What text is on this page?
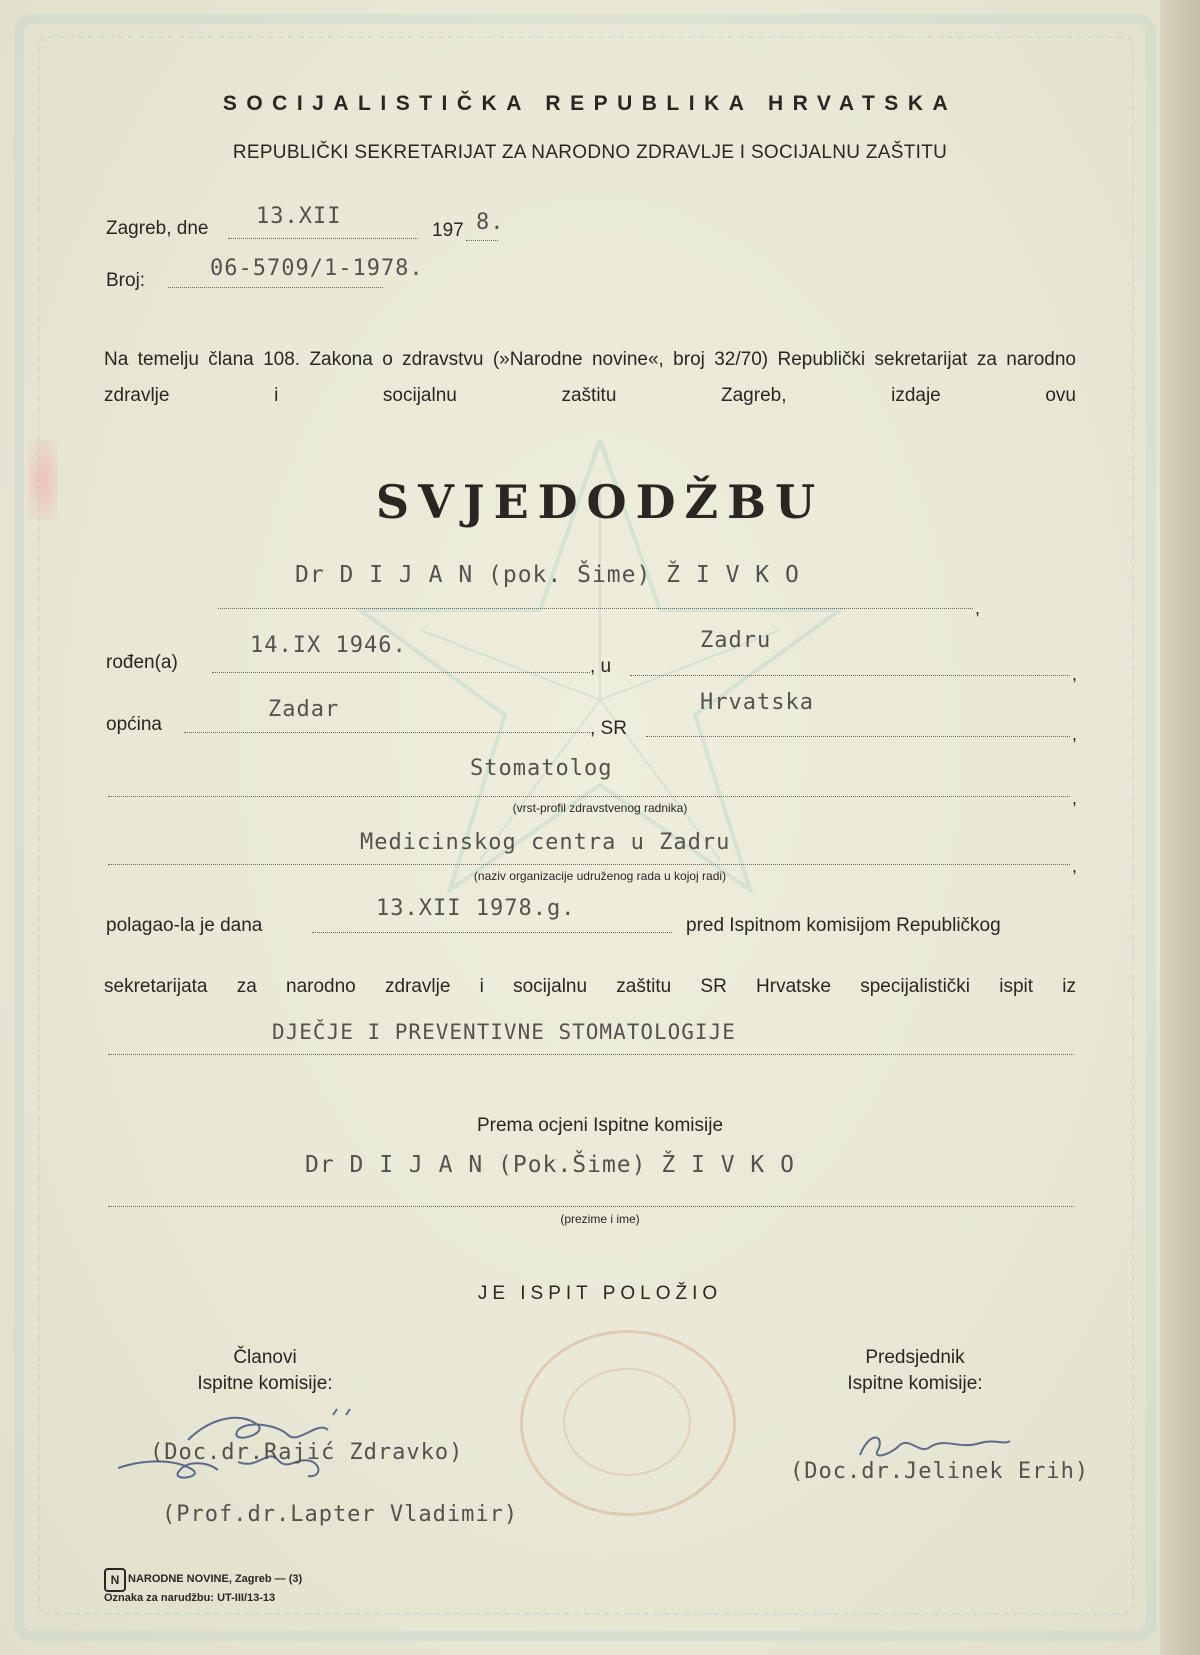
SOCIJALISTIČKA REPUBLIKA HRVATSKA
REPUBLIČKI SEKRETARIJAT ZA NARODNO ZDRAVLJE I SOCIJALNU ZAŠTITU
Zagreb, dne 13.XII
197 8.
Broj:	06-5709/1-1978.
Na temelju člana 108. Zakona o zdravstvu (»Narodne novine«, broj 32/70) Republički sekretarijat za narodno zdravlje i socijalnu zaštitu Zagreb, izdaje ovu
SVJEDODŽBU
Dr D I J A N (pok. Šime) Ž I V K O
,
rođen(a)
14.IX 1946.
, u
Zadru
,
općina
Zadar
, SR
Hrvatska
,
Stomatolog
,
(vrst-profil zdravstvenog radnika)
Medicinskog centra u Zadru
,
(naziv organizacije udruženog rada u kojoj radi)
polagao-la je dana
13.XII 1978.g.
pred Ispitnom komisijom Republičkog
sekretarijata za narodno zdravlje i socijalnu zaštitu SR Hrvatske specijalistički ispit iz
DJEČJE I PREVENTIVNE STOMATOLOGIJE
Prema ocjeni Ispitne komisije
Dr D I J A N (Pok.Šime) Ž I V K O
(prezime i ime)
JE ISPIT POLOŽIO
Članovi
Ispitne komisije:
Predsjednik
Ispitne komisije:
(Doc.dr.Rajić Zdravko)
(Prof.dr.Lapter Vladimir)
(Doc.dr.Jelinek Erih)
N NARODNE NOVINE, Zagreb — (3)
Oznaka za narudžbu: UT-III/13-13
